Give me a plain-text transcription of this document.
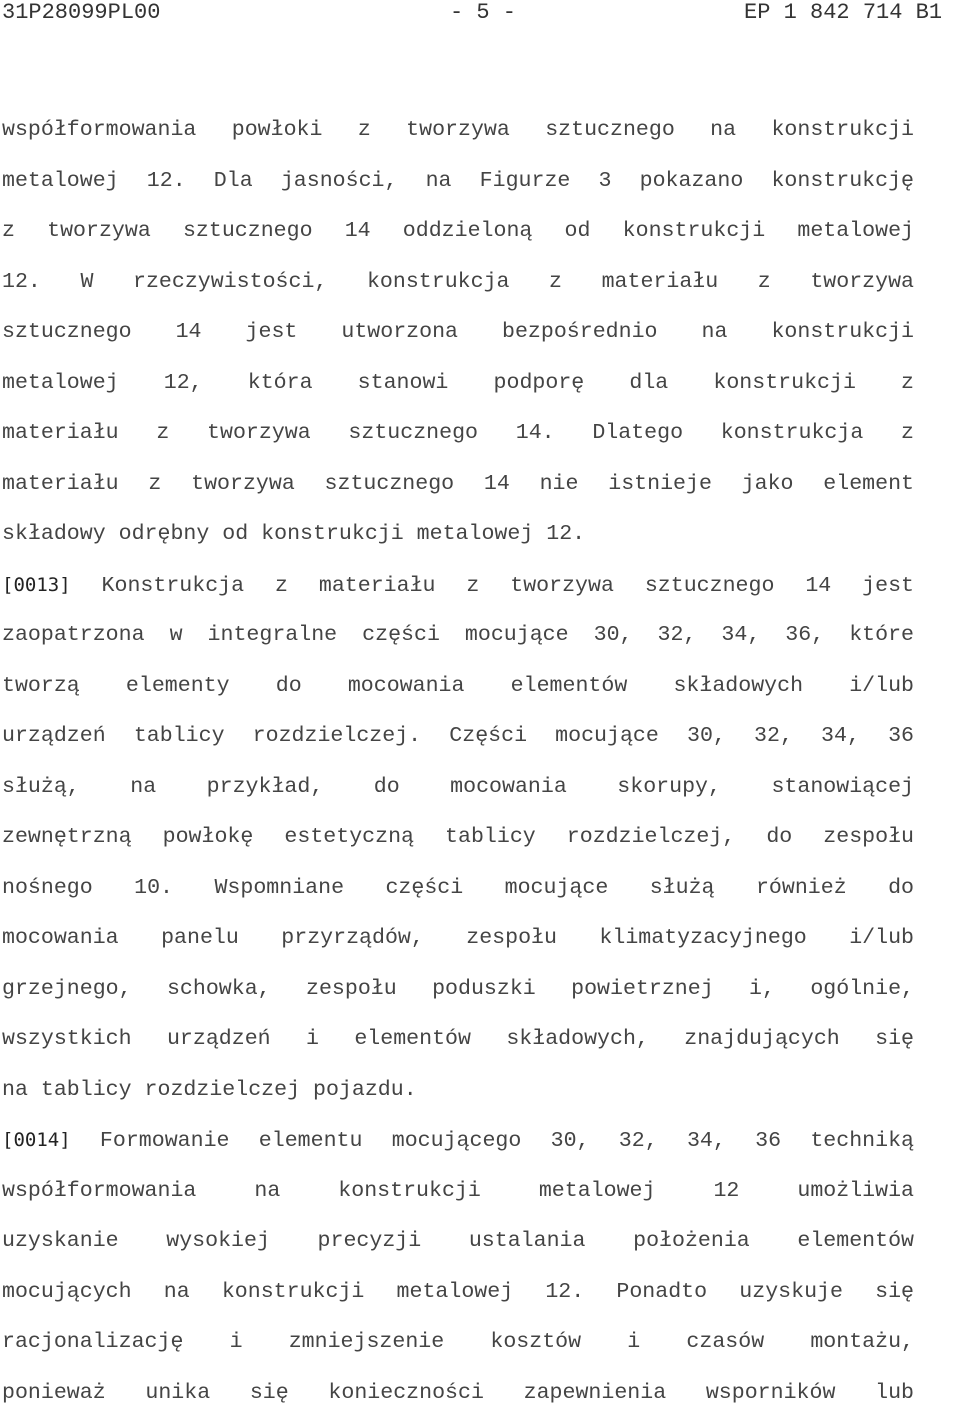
31P28099PL00	- 5 -	EP 1 842 714 B1
współformowania powłoki z tworzywa sztucznego na konstrukcji
metalowej 12. Dla jasności, na Figurze 3 pokazano konstrukcję
z tworzywa sztucznego 14 oddzieloną od konstrukcji metalowej
12. W rzeczywistości, konstrukcja z materiału z tworzywa
sztucznego 14 jest utworzona bezpośrednio na konstrukcji
metalowej 12, która stanowi podporę dla konstrukcji z
materiału z tworzywa sztucznego 14. Dlatego konstrukcja z
materiału z tworzywa sztucznego 14 nie istnieje jako element
składowy odrębny od konstrukcji metalowej 12.
[0013] Konstrukcja z materiału z tworzywa sztucznego 14 jest
zaopatrzona w integralne części mocujące 30, 32, 34, 36, które
tworzą elementy do mocowania elementów składowych i/lub
urządzeń tablicy rozdzielczej. Części mocujące 30, 32, 34, 36
służą, na przykład, do mocowania skorupy, stanowiącej
zewnętrzną powłokę estetyczną tablicy rozdzielczej, do zespołu
nośnego 10. Wspomniane części mocujące służą również do
mocowania panelu przyrządów, zespołu klimatyzacyjnego i/lub
grzejnego, schowka, zespołu poduszki powietrznej i, ogólnie,
wszystkich urządzeń i elementów składowych, znajdujących się
na tablicy rozdzielczej pojazdu.
[0014] Formowanie elementu mocującego 30, 32, 34, 36 techniką
współformowania na konstrukcji metalowej 12 umożliwia
uzyskanie wysokiej precyzji ustalania położenia elementów
mocujących na konstrukcji metalowej 12. Ponadto uzyskuje się
racjonalizację i zmniejszenie kosztów i czasów montażu,
ponieważ unika się konieczności zapewnienia wsporników lub
